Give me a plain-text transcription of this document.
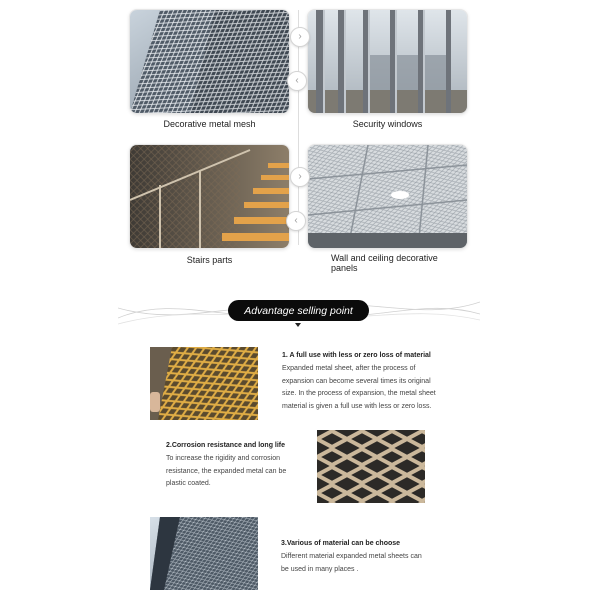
Decorative metal mesh	Security windows
›
‹
Stairs parts	Wall and ceiling decorative panels
›
‹
Advantage selling point
1. A full use with less or zero loss of material
Expanded metal sheet, after the process of
expansion can become several times its original
size. In the process of expansion, the metal sheet
material is given a full use with less or zero loss.
2.Corrosion resistance and long life
To increase the rigidity and corrosion
resistance, the expanded metal can be
plastic coated.
3.Various of material can be choose
Different material expanded metal sheets can
be used in many places .
